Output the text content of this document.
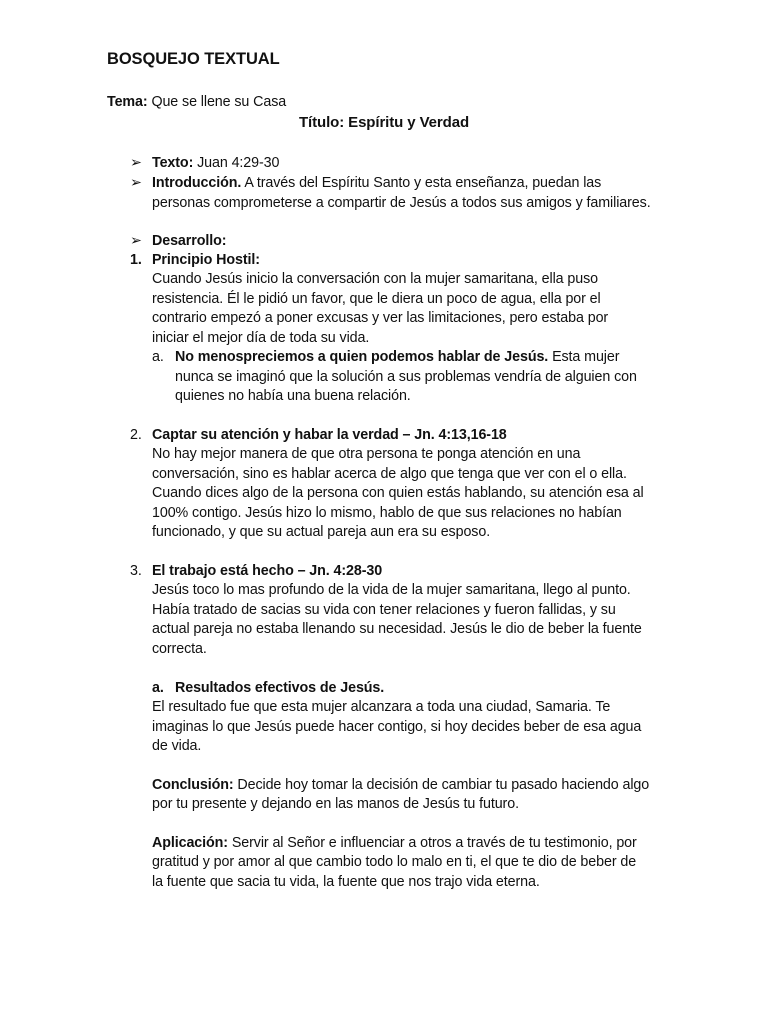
BOSQUEJO TEXTUAL
Tema: Que se llene su Casa
Título: Espíritu y Verdad
➢ Texto: Juan 4:29-30
➢ Introducción. A través del Espíritu Santo y esta enseñanza, puedan las
personas comprometerse a compartir de Jesús a todos sus amigos y familiares.
➢ Desarrollo:
1. Principio Hostil:
Cuando Jesús inicio la conversación con la mujer samaritana, ella puso
resistencia. Él le pidió un favor, que le diera un poco de agua, ella por el
contrario empezó a poner excusas y ver las limitaciones, pero estaba por
iniciar el mejor día de toda su vida.
a. No menospreciemos a quien podemos hablar de Jesús. Esta mujer
nunca se imaginó que la solución a sus problemas vendría de alguien con
quienes no había una buena relación.
2. Captar su atención y habar la verdad – Jn. 4:13,16-18
No hay mejor manera de que otra persona te ponga atención en una
conversación, sino es hablar acerca de algo que tenga que ver con el o ella.
Cuando dices algo de la persona con quien estás hablando, su atención esa al
100% contigo. Jesús hizo lo mismo, hablo de que sus relaciones no habían
funcionado, y que su actual pareja aun era su esposo.
3. El trabajo está hecho – Jn. 4:28-30
Jesús toco lo mas profundo de la vida de la mujer samaritana, llego al punto.
Había tratado de sacias su vida con tener relaciones y fueron fallidas, y su
actual pareja no estaba llenando su necesidad. Jesús le dio de beber la fuente
correcta.
a. Resultados efectivos de Jesús.
El resultado fue que esta mujer alcanzara a toda una ciudad, Samaria. Te
imaginas lo que Jesús puede hacer contigo, si hoy decides beber de esa agua
de vida.
Conclusión: Decide hoy tomar la decisión de cambiar tu pasado haciendo algo
por tu presente y dejando en las manos de Jesús tu futuro.
Aplicación: Servir al Señor e influenciar a otros a través de tu testimonio, por
gratitud y por amor al que cambio todo lo malo en ti, el que te dio de beber de
la fuente que sacia tu vida, la fuente que nos trajo vida eterna.
